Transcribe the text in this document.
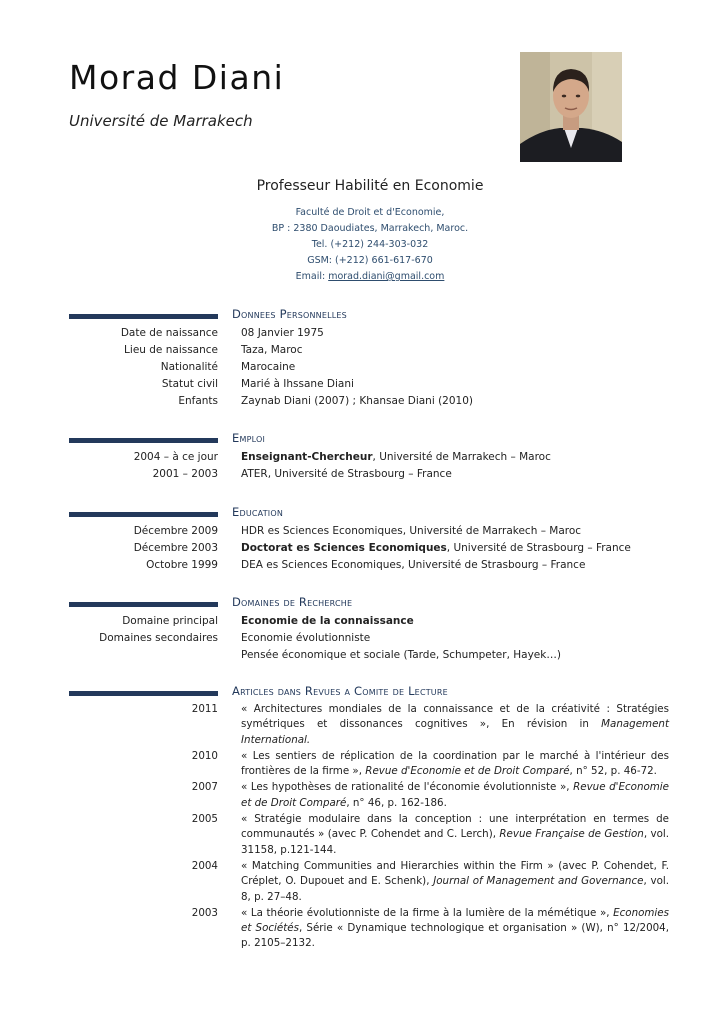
Morad Diani
Université de Marrakech
Professeur Habilité en Economie
Faculté de Droit et d'Economie,
BP : 2380 Daoudiates, Marrakech, Maroc.
Tel. (+212) 244-303-032
GSM: (+212) 661-617-670
Email: morad.diani@gmail.com
Donnees Personnelles
Date de naissance 08 Janvier 1975
Lieu de naissance Taza, Maroc
Nationalité Marocaine
Statut civil Marié à Ihssane Diani
Enfants Zaynab Diani (2007) ; Khansae Diani (2010)
Emploi
2004 – à ce jour Enseignant-Chercheur, Université de Marrakech – Maroc
2001 – 2003 ATER, Université de Strasbourg – France
Education
Décembre 2009 HDR es Sciences Economiques, Université de Marrakech – Maroc
Décembre 2003 Doctorat es Sciences Economiques, Université de Strasbourg – France
Octobre 1999 DEA es Sciences Economiques, Université de Strasbourg – France
Domaines de Recherche
Domaine principal Economie de la connaissance
Domaines secondaires Economie évolutionniste
Pensée économique et sociale (Tarde, Schumpeter, Hayek…)
Articles dans Revues a Comite de Lecture
2011 « Architectures mondiales de la connaissance et de la créativité : Stratégies symétriques et dissonances cognitives », En révision in Management International.
2010 « Les sentiers de réplication de la coordination par le marché à l'intérieur des frontières de la firme », Revue d'Economie et de Droit Comparé, n° 52, p. 46-72.
2007 « Les hypothèses de rationalité de l'économie évolutionniste », Revue d'Economie et de Droit Comparé, n° 46, p. 162-186.
2005 « Stratégie modulaire dans la conception : une interprétation en termes de communautés » (avec P. Cohendet and C. Lerch), Revue Française de Gestion, vol. 31158, p.121-144.
2004 « Matching Communities and Hierarchies within the Firm » (avec P. Cohendet, F. Créplet, O. Dupouet and E. Schenk), Journal of Management and Governance, vol. 8, p. 27–48.
2003 « La théorie évolutionniste de la firme à la lumière de la mémétique », Economies et Sociétés, Série « Dynamique technologique et organisation » (W), n° 12/2004, p. 2105–2132.
